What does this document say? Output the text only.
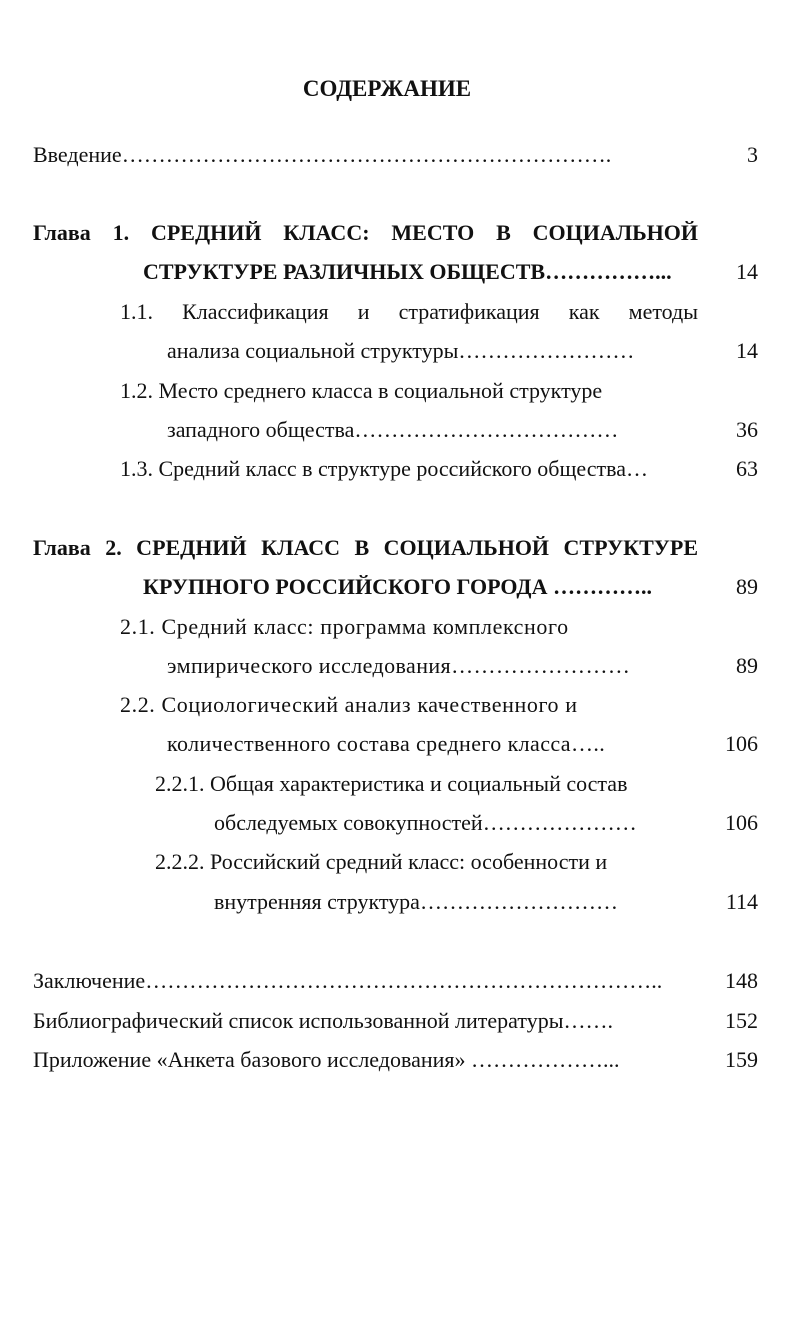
СОДЕРЖАНИЕ
Введение………………………………………………………….	3
Глава 1. СРЕДНИЙ КЛАСС: МЕСТО В СОЦИАЛЬНОЙ
СТРУКТУРЕ РАЗЛИЧНЫХ ОБЩЕСТВ……………...	14
1.1. Классификация и стратификация как методы
анализа социальной структуры……………………	14
1.2. Место среднего класса в социальной структуре
западного общества………………………………	36
1.3. Средний класс в структуре российского общества…	63
Глава 2. СРЕДНИЙ КЛАСС В СОЦИАЛЬНОЙ СТРУКТУРЕ
КРУПНОГО РОССИЙСКОГО ГОРОДА …………..	89
2.1. Средний класс: программа комплексного
эмпирического исследования……………………	89
2.2. Социологический анализ качественного и
количественного состава среднего класса…..	106
2.2.1. Общая характеристика и социальный состав
обследуемых совокупностей…………………	106
2.2.2. Российский средний класс: особенности и
внутренняя структура………………………	114
Заключение……………………………………………………………..	148
Библиографический список использованной литературы…….	152
Приложение «Анкета базового исследования» ………………...	159
